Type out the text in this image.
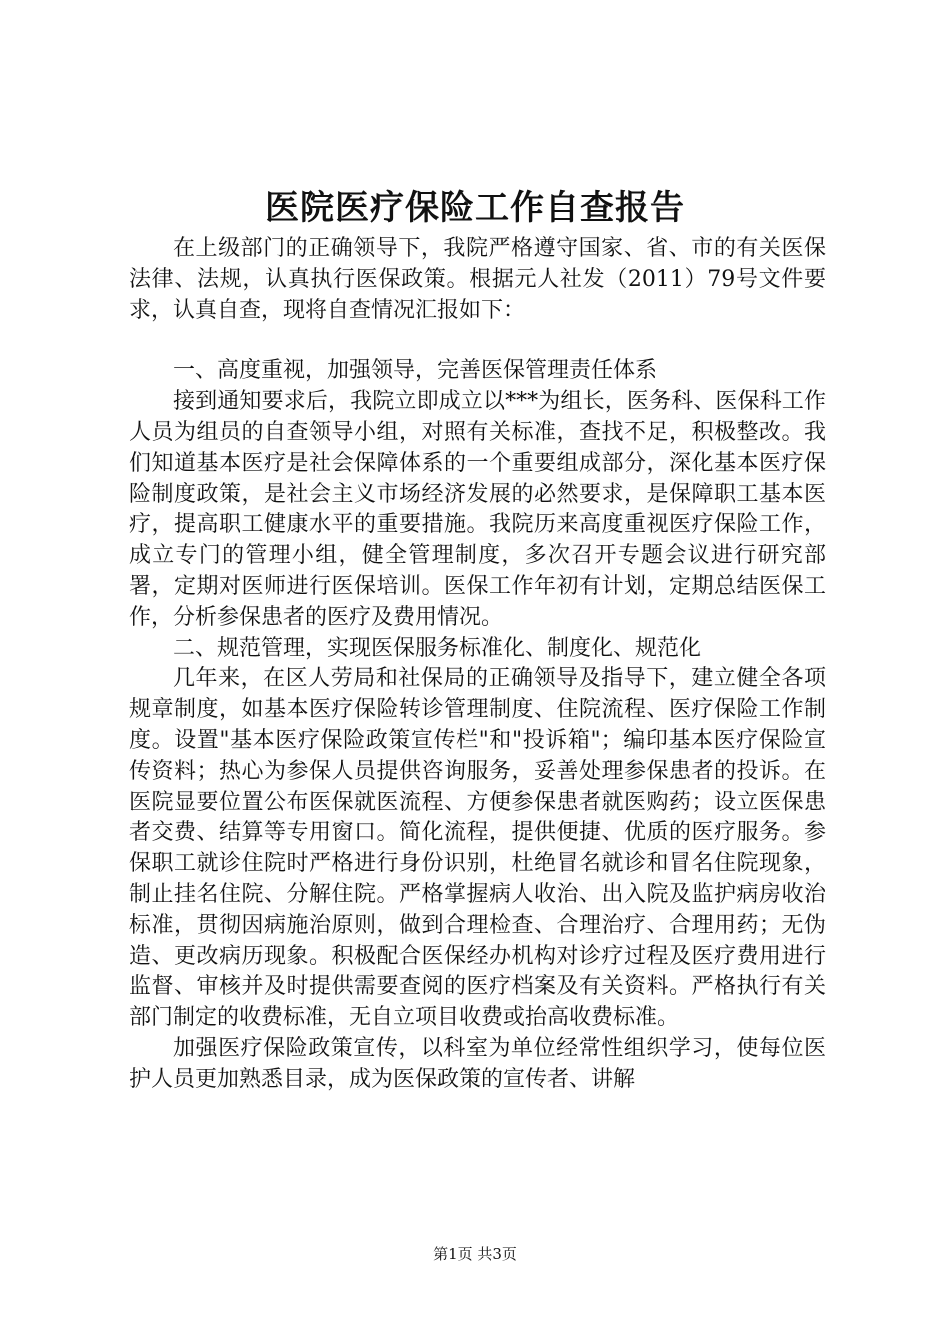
医院医疗保险工作自查报告

在上级部门的正确领导下，我院严格遵守国家、省、市的有关医保法律、法规，认真执行医保政策。根据元人社发（2011）79号文件要求，认真自查，现将自查情况汇报如下：

一、高度重视，加强领导，完善医保管理责任体系

接到通知要求后，我院立即成立以***为组长，医务科、医保科工作人员为组员的自查领导小组，对照有关标准，查找不足，积极整改。我们知道基本医疗是社会保障体系的一个重要组成部分，深化基本医疗保险制度政策，是社会主义市场经济发展的必然要求，是保障职工基本医疗，提高职工健康水平的重要措施。我院历来高度重视医疗保险工作，成立专门的管理小组，健全管理制度，多次召开专题会议进行研究部署，定期对医师进行医保培训。医保工作年初有计划，定期总结医保工作，分析参保患者的医疗及费用情况。

二、规范管理，实现医保服务标准化、制度化、规范化

几年来，在区人劳局和社保局的正确领导及指导下，建立健全各项规章制度，如基本医疗保险转诊管理制度、住院流程、医疗保险工作制度。设置"基本医疗保险政策宣传栏"和"投诉箱"；编印基本医疗保险宣传资料；热心为参保人员提供咨询服务，妥善处理参保患者的投诉。在医院显要位置公布医保就医流程、方便参保患者就医购药；设立医保患者交费、结算等专用窗口。简化流程，提供便捷、优质的医疗服务。参保职工就诊住院时严格进行身份识别，杜绝冒名就诊和冒名住院现象，制止挂名住院、分解住院。严格掌握病人收治、出入院及监护病房收治标准，贯彻因病施治原则，做到合理检查、合理治疗、合理用药；无伪造、更改病历现象。积极配合医保经办机构对诊疗过程及医疗费用进行监督、审核并及时提供需要查阅的医疗档案及有关资料。严格执行有关部门制定的收费标准，无自立项目收费或抬高收费标准。

加强医疗保险政策宣传，以科室为单位经常性组织学习，使每位医护人员更加熟悉目录，成为医保政策的宣传者、讲解

第1页 共3页
